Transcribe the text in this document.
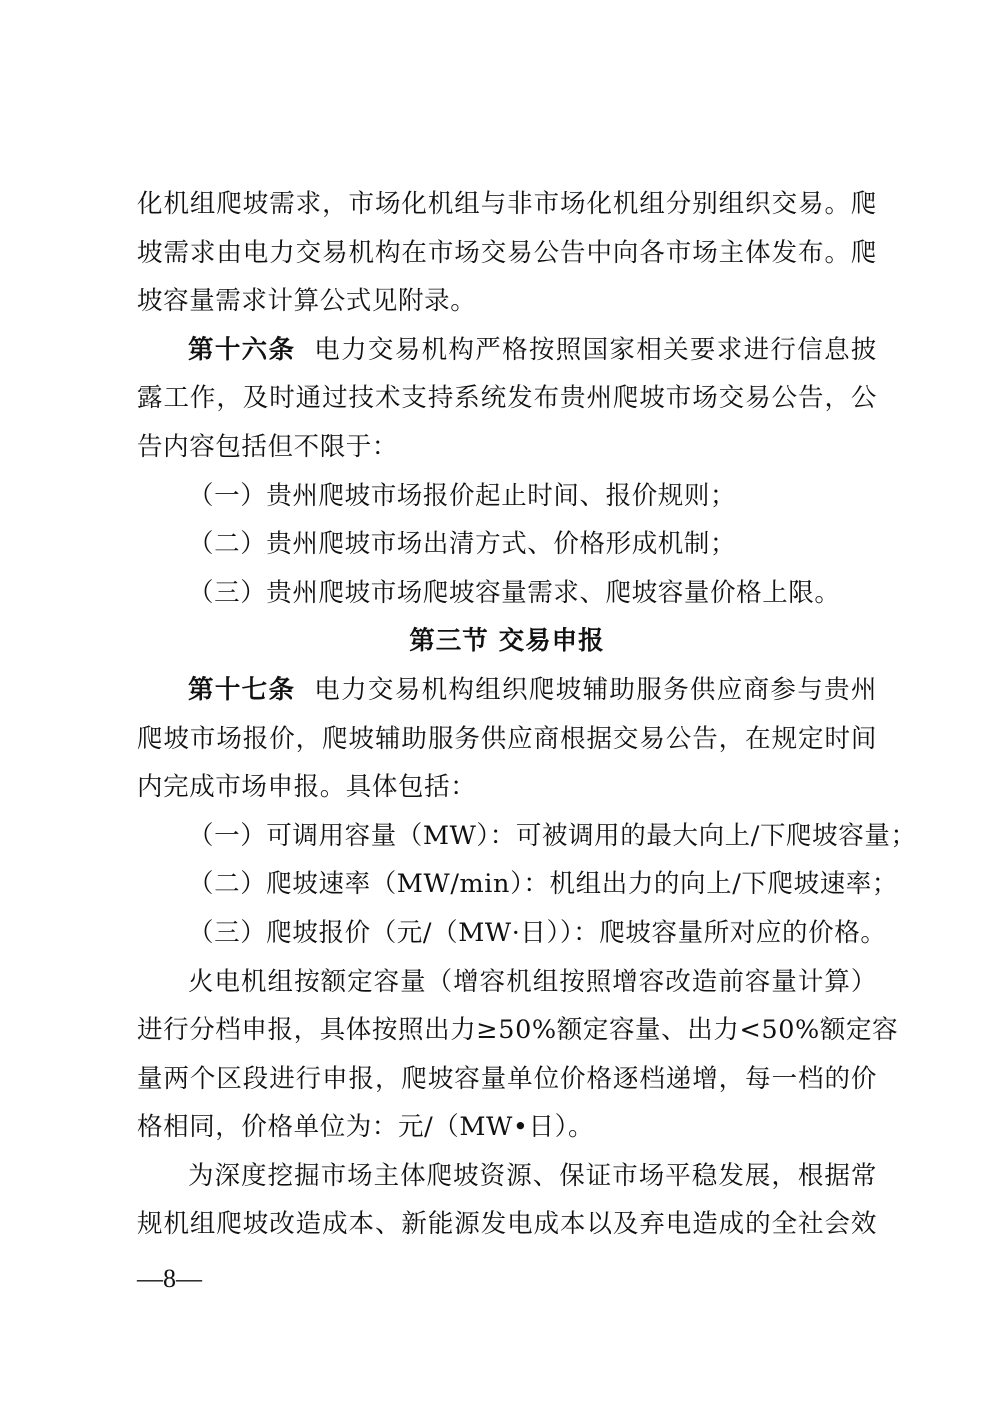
化机组爬坡需求，市场化机组与非市场化机组分别组织交易。爬
坡需求由电力交易机构在市场交易公告中向各市场主体发布。爬
坡容量需求计算公式见附录。
第十六条 电力交易机构严格按照国家相关要求进行信息披
露工作，及时通过技术支持系统发布贵州爬坡市场交易公告，公
告内容包括但不限于：
（一）贵州爬坡市场报价起止时间、报价规则；
（二）贵州爬坡市场出清方式、价格形成机制；
（三）贵州爬坡市场爬坡容量需求、爬坡容量价格上限。
第三节 交易申报
第十七条 电力交易机构组织爬坡辅助服务供应商参与贵州
爬坡市场报价，爬坡辅助服务供应商根据交易公告，在规定时间
内完成市场申报。具体包括：
（一）可调用容量（MW）：可被调用的最大向上/下爬坡容量；
（二）爬坡速率（MW/min）：机组出力的向上/下爬坡速率；
（三）爬坡报价（元/（MW·日））：爬坡容量所对应的价格。
火电机组按额定容量（增容机组按照增容改造前容量计算）
进行分档申报，具体按照出力≥50%额定容量、出力<50%额定容
量两个区段进行申报，爬坡容量单位价格逐档递增，每一档的价
格相同，价格单位为：元/（MW•日）。
为深度挖掘市场主体爬坡资源、保证市场平稳发展，根据常
规机组爬坡改造成本、新能源发电成本以及弃电造成的全社会效
—8—
